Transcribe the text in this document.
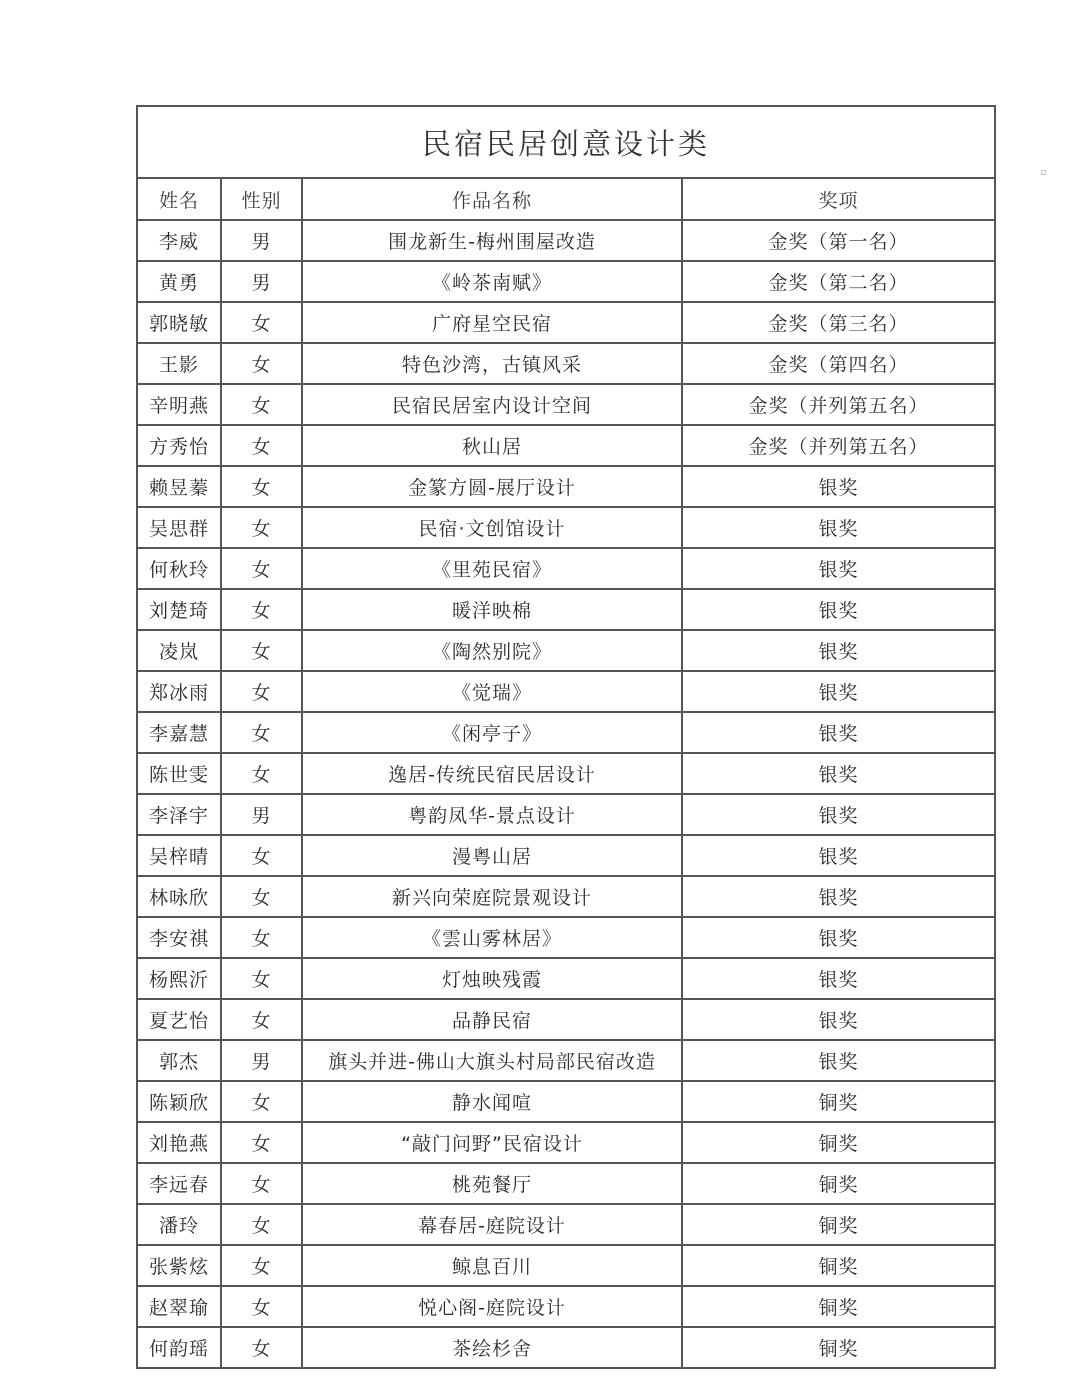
民宿民居创意设计类			
姓名	性别	作品名称	奖项
李威	男	围龙新生-梅州围屋改造	金奖（第一名）
黄勇	男	《岭茶南赋》	金奖（第二名）
郭晓敏	女	广府星空民宿	金奖（第三名）
王影	女	特色沙湾，古镇风采	金奖（第四名）
辛明燕	女	民宿民居室内设计空间	金奖（并列第五名）
方秀怡	女	秋山居	金奖（并列第五名）
赖昱蓁	女	金篆方圆-展厅设计	银奖
吴思群	女	民宿·文创馆设计	银奖
何秋玲	女	《里苑民宿》	银奖
刘楚琦	女	暖洋映棉	银奖
凌岚	女	《陶然别院》	银奖
郑冰雨	女	《觉瑞》	银奖
李嘉慧	女	《闲亭子》	银奖
陈世雯	女	逸居-传统民宿民居设计	银奖
李泽宇	男	粤韵凤华-景点设计	银奖
吴梓晴	女	漫粤山居	银奖
林咏欣	女	新兴向荣庭院景观设计	银奖
李安祺	女	《雲山雾林居》	银奖
杨熙沂	女	灯烛映残霞	银奖
夏艺怡	女	品静民宿	银奖
郭杰	男	旗头并进-佛山大旗头村局部民宿改造	银奖
陈颖欣	女	静水闻喧	铜奖
刘艳燕	女	“敲门问野”民宿设计	铜奖
李远春	女	桃苑餐厅	铜奖
潘玲	女	幕春居-庭院设计	铜奖
张紫炫	女	鲸息百川	铜奖
赵翠瑜	女	悦心阁-庭院设计	铜奖
何韵瑶	女	茶绘杉舍	铜奖
▫
